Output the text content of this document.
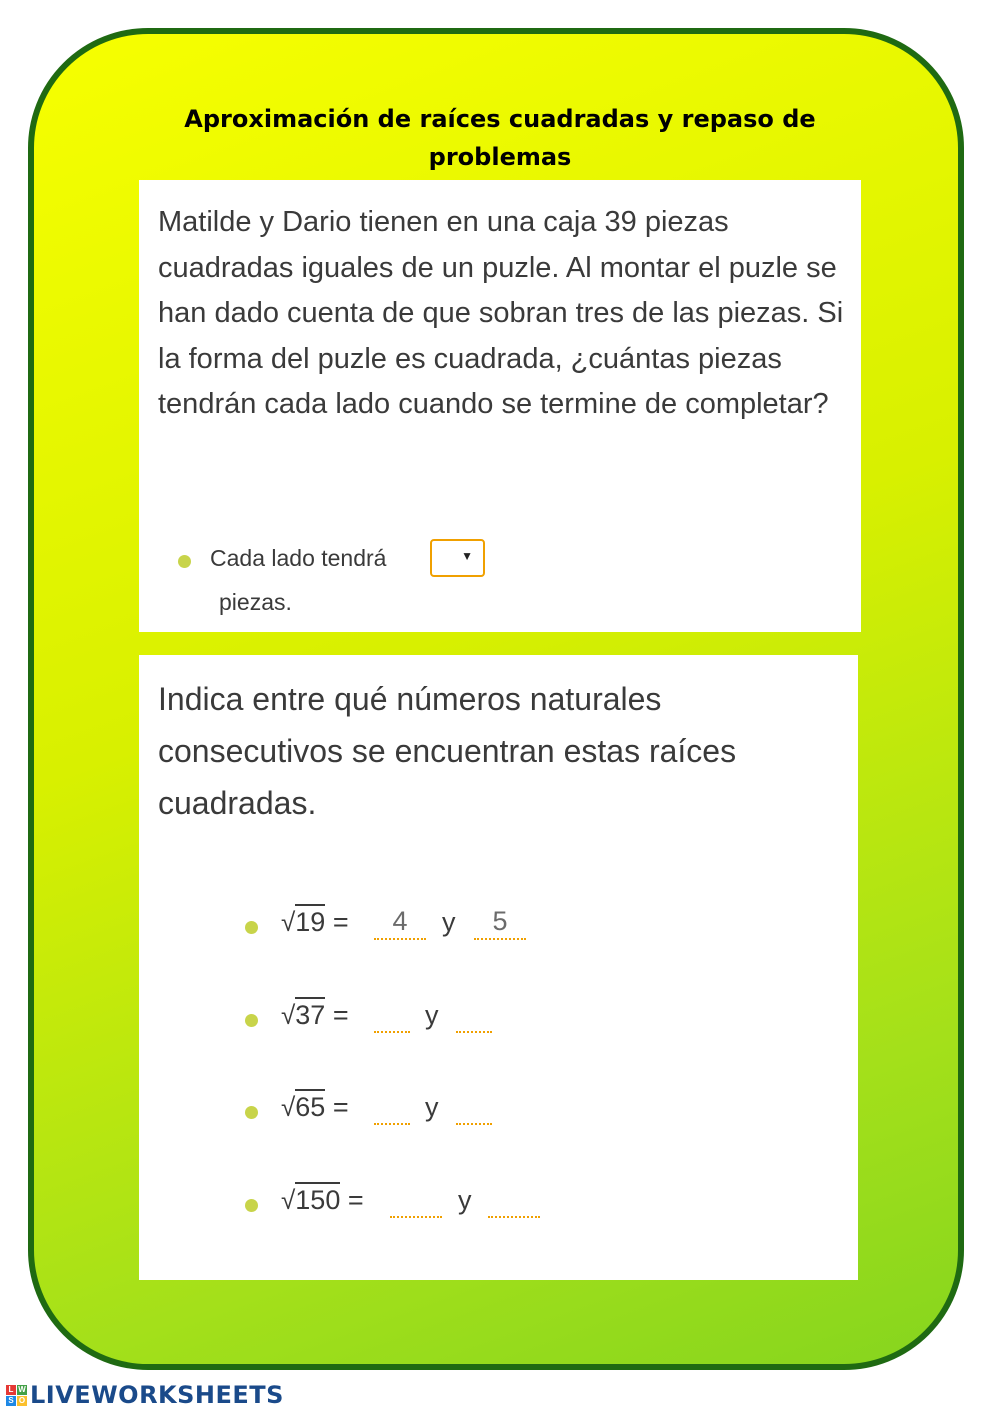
Aproximación de raíces cuadradas y repaso de problemas
Matilde y Dario tienen en una caja 39 piezas cuadradas iguales de un puzle. Al montar el puzle se han dado cuenta de que sobran tres de las piezas. Si la forma del puzle es cuadrada, ¿cuántas piezas tendrán cada lado cuando se termine de completar?
Cada lado tendrá	▼
piezas.
Indica entre qué números naturales consecutivos se encuentran estas raíces cuadradas.
√19 =	4	y	5
√37 =	y
√65 =	y
√150 =	y
L W
S O LIVEWORKSHEETS
